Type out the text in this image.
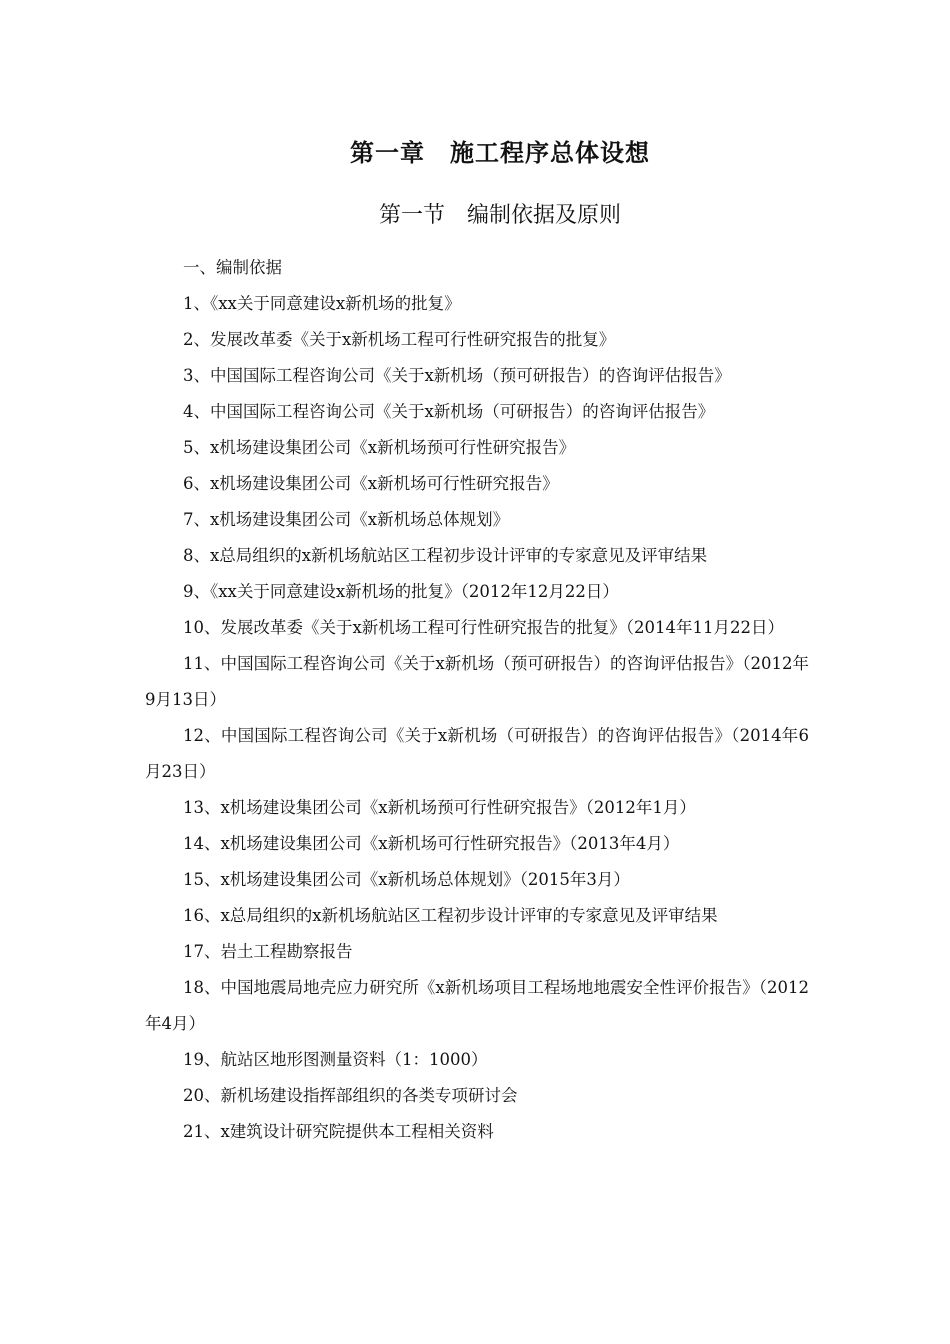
第一章　施工程序总体设想
第一节　编制依据及原则

一、编制依据

1、《xx关于同意建设x新机场的批复》

2、发展改革委《关于x新机场工程可行性研究报告的批复》

3、中国国际工程咨询公司《关于x新机场（预可研报告）的咨询评估报告》

4、中国国际工程咨询公司《关于x新机场（可研报告）的咨询评估报告》

5、x机场建设集团公司《x新机场预可行性研究报告》

6、x机场建设集团公司《x新机场可行性研究报告》

7、x机场建设集团公司《x新机场总体规划》

8、x总局组织的x新机场航站区工程初步设计评审的专家意见及评审结果

9、《xx关于同意建设x新机场的批复》（2012年12月22日）

10、发展改革委《关于x新机场工程可行性研究报告的批复》（2014年11月22日）

11、中国国际工程咨询公司《关于x新机场（预可研报告）的咨询评估报告》（2012年9月13日）

12、中国国际工程咨询公司《关于x新机场（可研报告）的咨询评估报告》（2014年6月23日）

13、x机场建设集团公司《x新机场预可行性研究报告》（2012年1月）

14、x机场建设集团公司《x新机场可行性研究报告》（2013年4月）

15、x机场建设集团公司《x新机场总体规划》（2015年3月）

16、x总局组织的x新机场航站区工程初步设计评审的专家意见及评审结果

17、岩土工程勘察报告

18、中国地震局地壳应力研究所《x新机场项目工程场地地震安全性评价报告》（2012年4月）

19、航站区地形图测量资料（1：1000）

20、新机场建设指挥部组织的各类专项研讨会

21、x建筑设计研究院提供本工程相关资料
